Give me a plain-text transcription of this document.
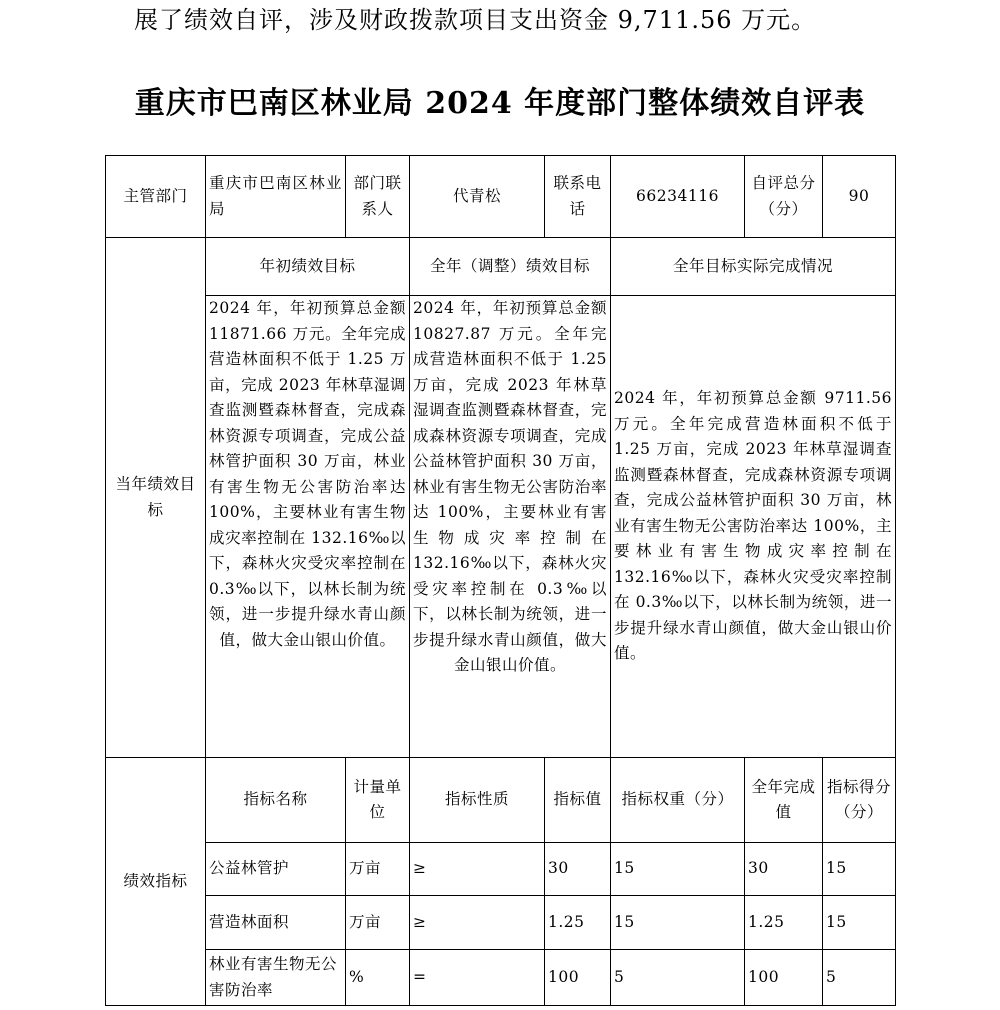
展了绩效自评，涉及财政拨款项目支出资金 9,711.56 万元。
重庆市巴南区林业局 2024 年度部门整体绩效自评表
主管部门	重庆市巴南区林业局	部门联系人	代青松	联系电话	66234116	自评总分（分）	90
当年绩效目标	年初绩效目标		全年（调整）绩效目标		全年目标实际完成情况		
	2024 年，年初预算总金额 11871.66 万元。全年完成营造林面积不低于 1.25 万亩，完成 2023 年林草湿调查监测暨森林督查，完成森林资源专项调查，完成公益林管护面积 30 万亩，林业有害生物无公害防治率达 100%，主要林业有害生物成灾率控制在 132.16‰以下，森林火灾受灾率控制在 0.3‰以下，以林长制为统领，进一步提升绿水青山颜值，做大金山银山价值。		2024 年，年初预算总金额 10827.87 万元。全年完成营造林面积不低于 1.25 万亩，完成 2023 年林草湿调查监测暨森林督查，完成森林资源专项调查，完成公益林管护面积 30 万亩，林业有害生物无公害防治率达 100%，主要林业有害生物成灾率控制在 132.16‰以下，森林火灾受灾率控制在 0.3‰以下，以林长制为统领，进一步提升绿水青山颜值，做大金山银山价值。		2024 年，年初预算总金额 9711.56 万元。全年完成营造林面积不低于 1.25 万亩，完成 2023 年林草湿调查监测暨森林督查，完成森林资源专项调查，完成公益林管护面积 30 万亩，林业有害生物无公害防治率达 100%，主要林业有害生物成灾率控制在 132.16‰以下，森林火灾受灾率控制在 0.3‰以下，以林长制为统领，进一步提升绿水青山颜值，做大金山银山价值。		
绩效指标	指标名称	计量单位	指标性质	指标值	指标权重（分）	全年完成值	指标得分（分）
	公益林管护	万亩	≥	30	15	30	15
	营造林面积	万亩	≥	1.25	15	1.25	15
	林业有害生物无公害防治率	%	=	100	5	100	5
